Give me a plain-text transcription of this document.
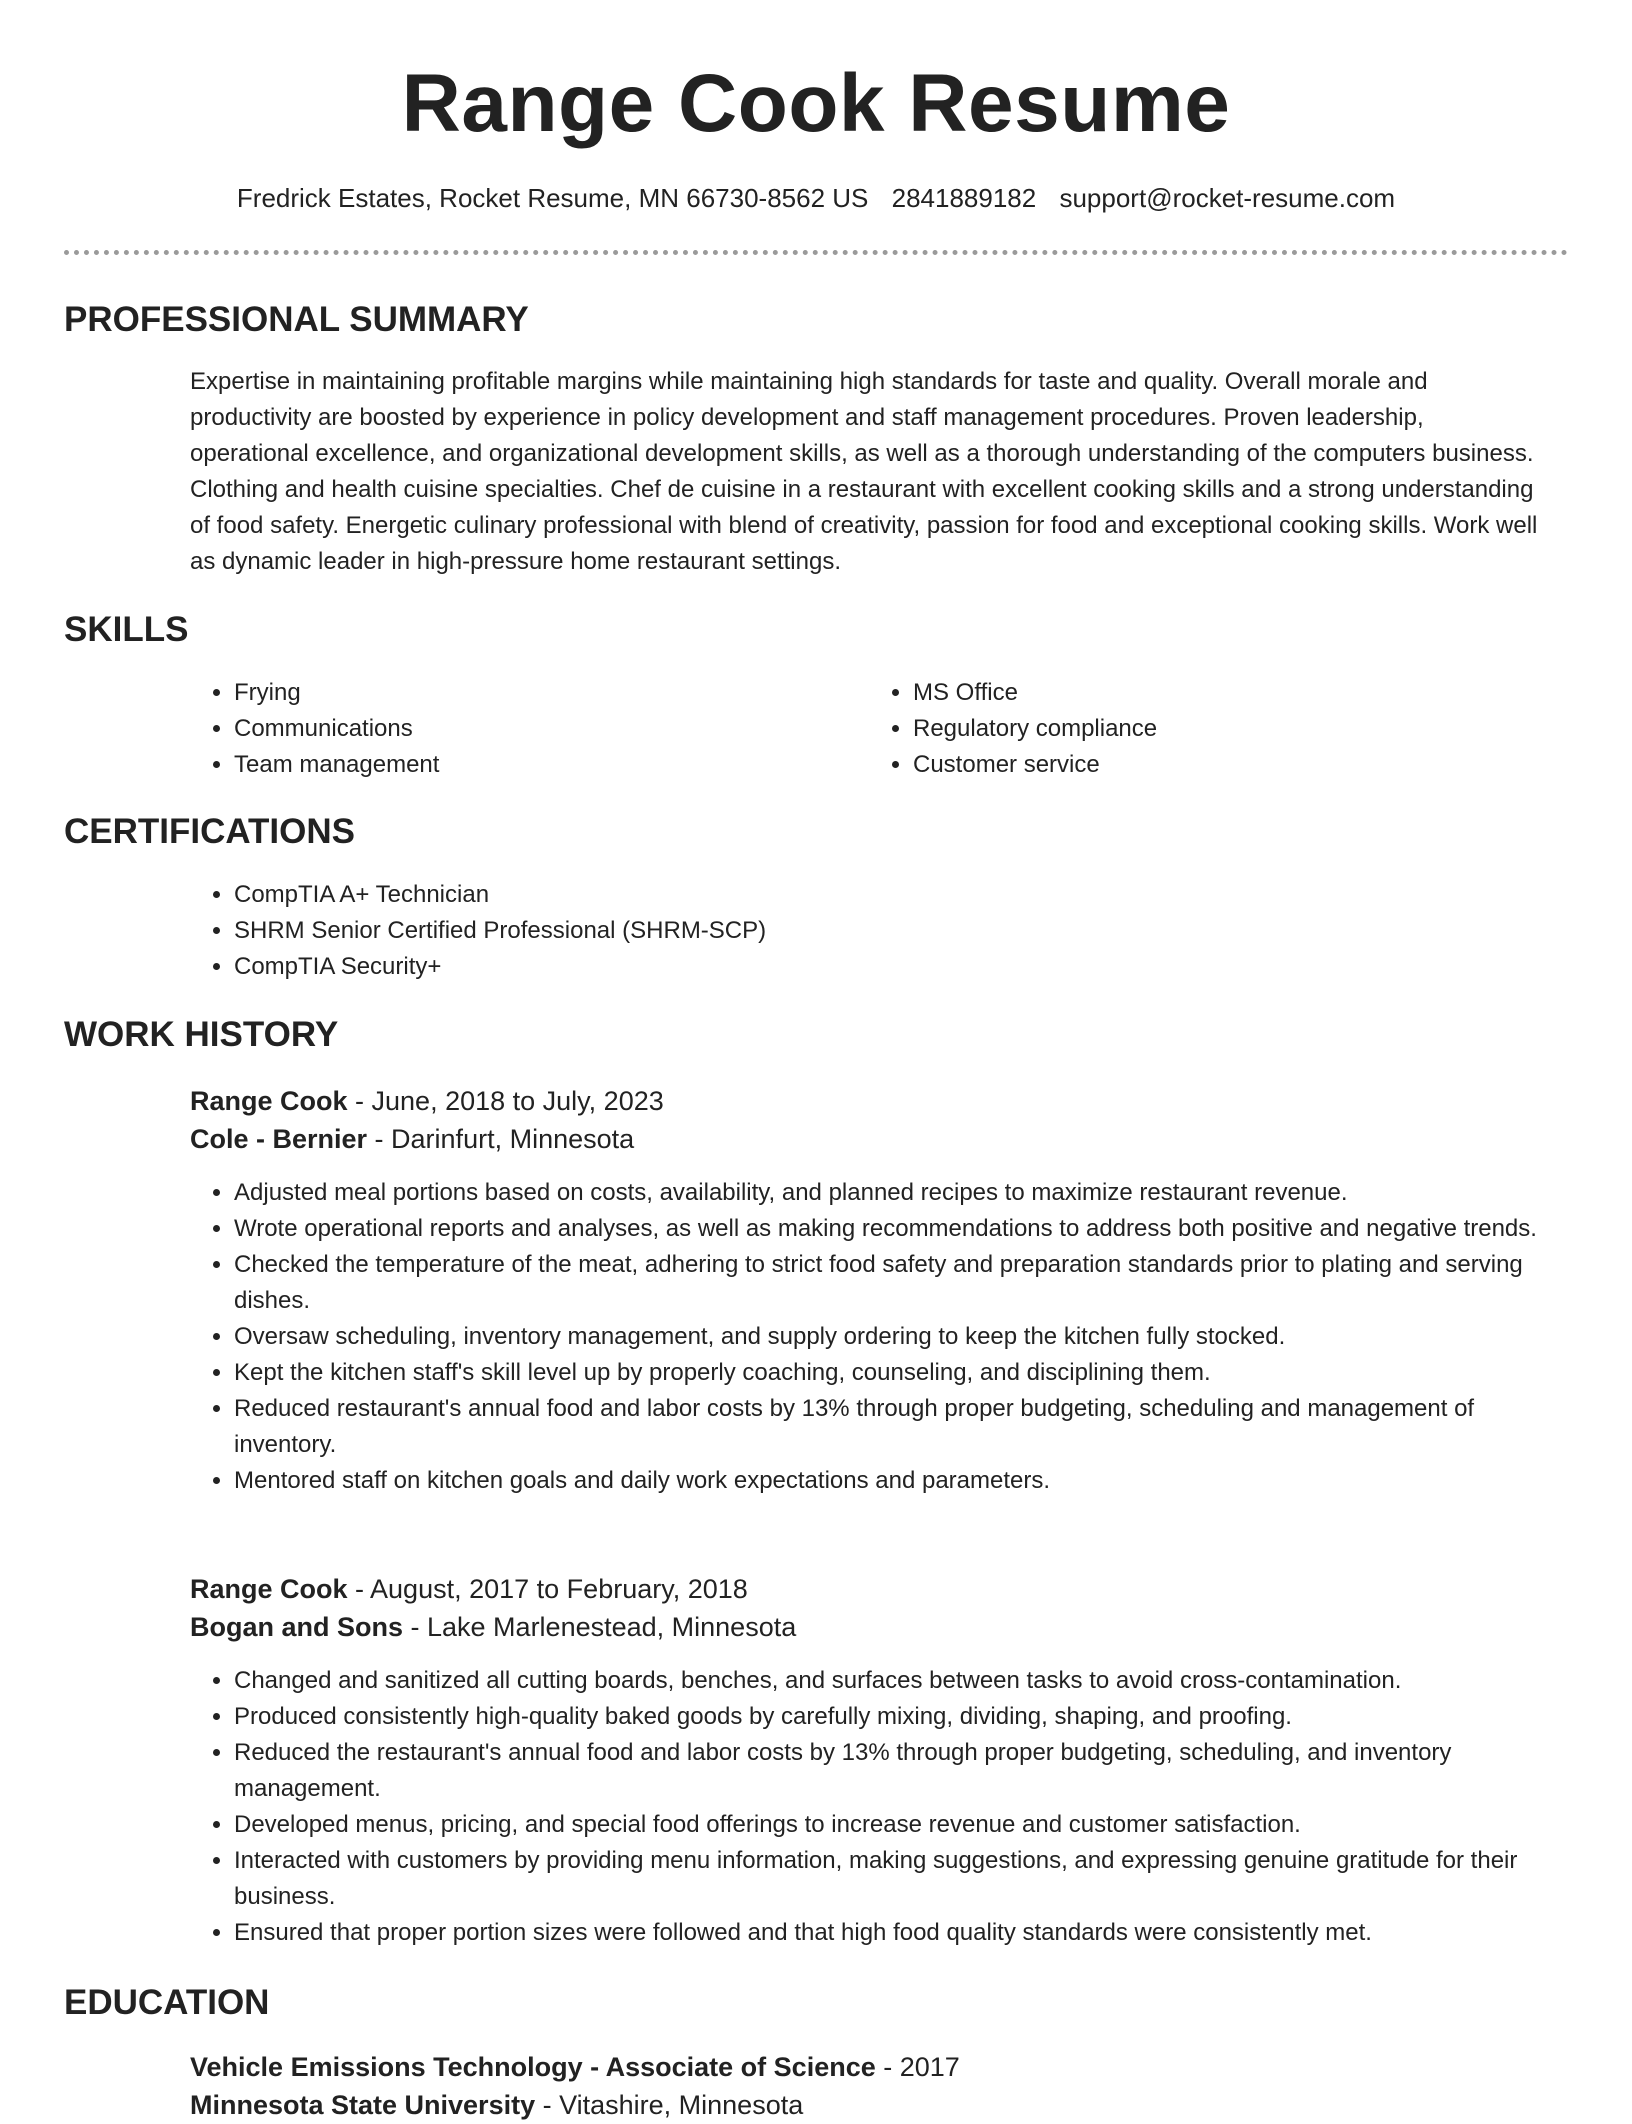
Range Cook Resume
Fredrick Estates, Rocket Resume, MN 66730-8562 US 2841889182 support@rocket-resume.com
PROFESSIONAL SUMMARY

Expertise in maintaining profitable margins while maintaining high standards for taste and quality. Overall morale and productivity are boosted by experience in policy development and staff management procedures. Proven leadership, operational excellence, and organizational development skills, as well as a thorough understanding of the computers business. Clothing and health cuisine specialties. Chef de cuisine in a restaurant with excellent cooking skills and a strong understanding of food safety. Energetic culinary professional with blend of creativity, passion for food and exceptional cooking skills. Work well as dynamic leader in high-pressure home restaurant settings.

SKILLS
• Frying
• Communications
• Team management
• MS Office
• Regulatory compliance
• Customer service
CERTIFICATIONS
• CompTIA A+ Technician
• SHRM Senior Certified Professional (SHRM-SCP)
• CompTIA Security+
WORK HISTORY
Range Cook - June, 2018 to July, 2023
Cole - Bernier - Darinfurt, Minnesota
• Adjusted meal portions based on costs, availability, and planned recipes to maximize restaurant revenue.
• Wrote operational reports and analyses, as well as making recommendations to address both positive and negative trends.
• Checked the temperature of the meat, adhering to strict food safety and preparation standards prior to plating and serving dishes.
• Oversaw scheduling, inventory management, and supply ordering to keep the kitchen fully stocked.
• Kept the kitchen staff's skill level up by properly coaching, counseling, and disciplining them.
• Reduced restaurant's annual food and labor costs by 13% through proper budgeting, scheduling and management of inventory.
• Mentored staff on kitchen goals and daily work expectations and parameters.
Range Cook - August, 2017 to February, 2018
Bogan and Sons - Lake Marlenestead, Minnesota
• Changed and sanitized all cutting boards, benches, and surfaces between tasks to avoid cross-contamination.
• Produced consistently high-quality baked goods by carefully mixing, dividing, shaping, and proofing.
• Reduced the restaurant's annual food and labor costs by 13% through proper budgeting, scheduling, and inventory management.
• Developed menus, pricing, and special food offerings to increase revenue and customer satisfaction.
• Interacted with customers by providing menu information, making suggestions, and expressing genuine gratitude for their business.
• Ensured that proper portion sizes were followed and that high food quality standards were consistently met.
EDUCATION
Vehicle Emissions Technology - Associate of Science - 2017
Minnesota State University - Vitashire, Minnesota
